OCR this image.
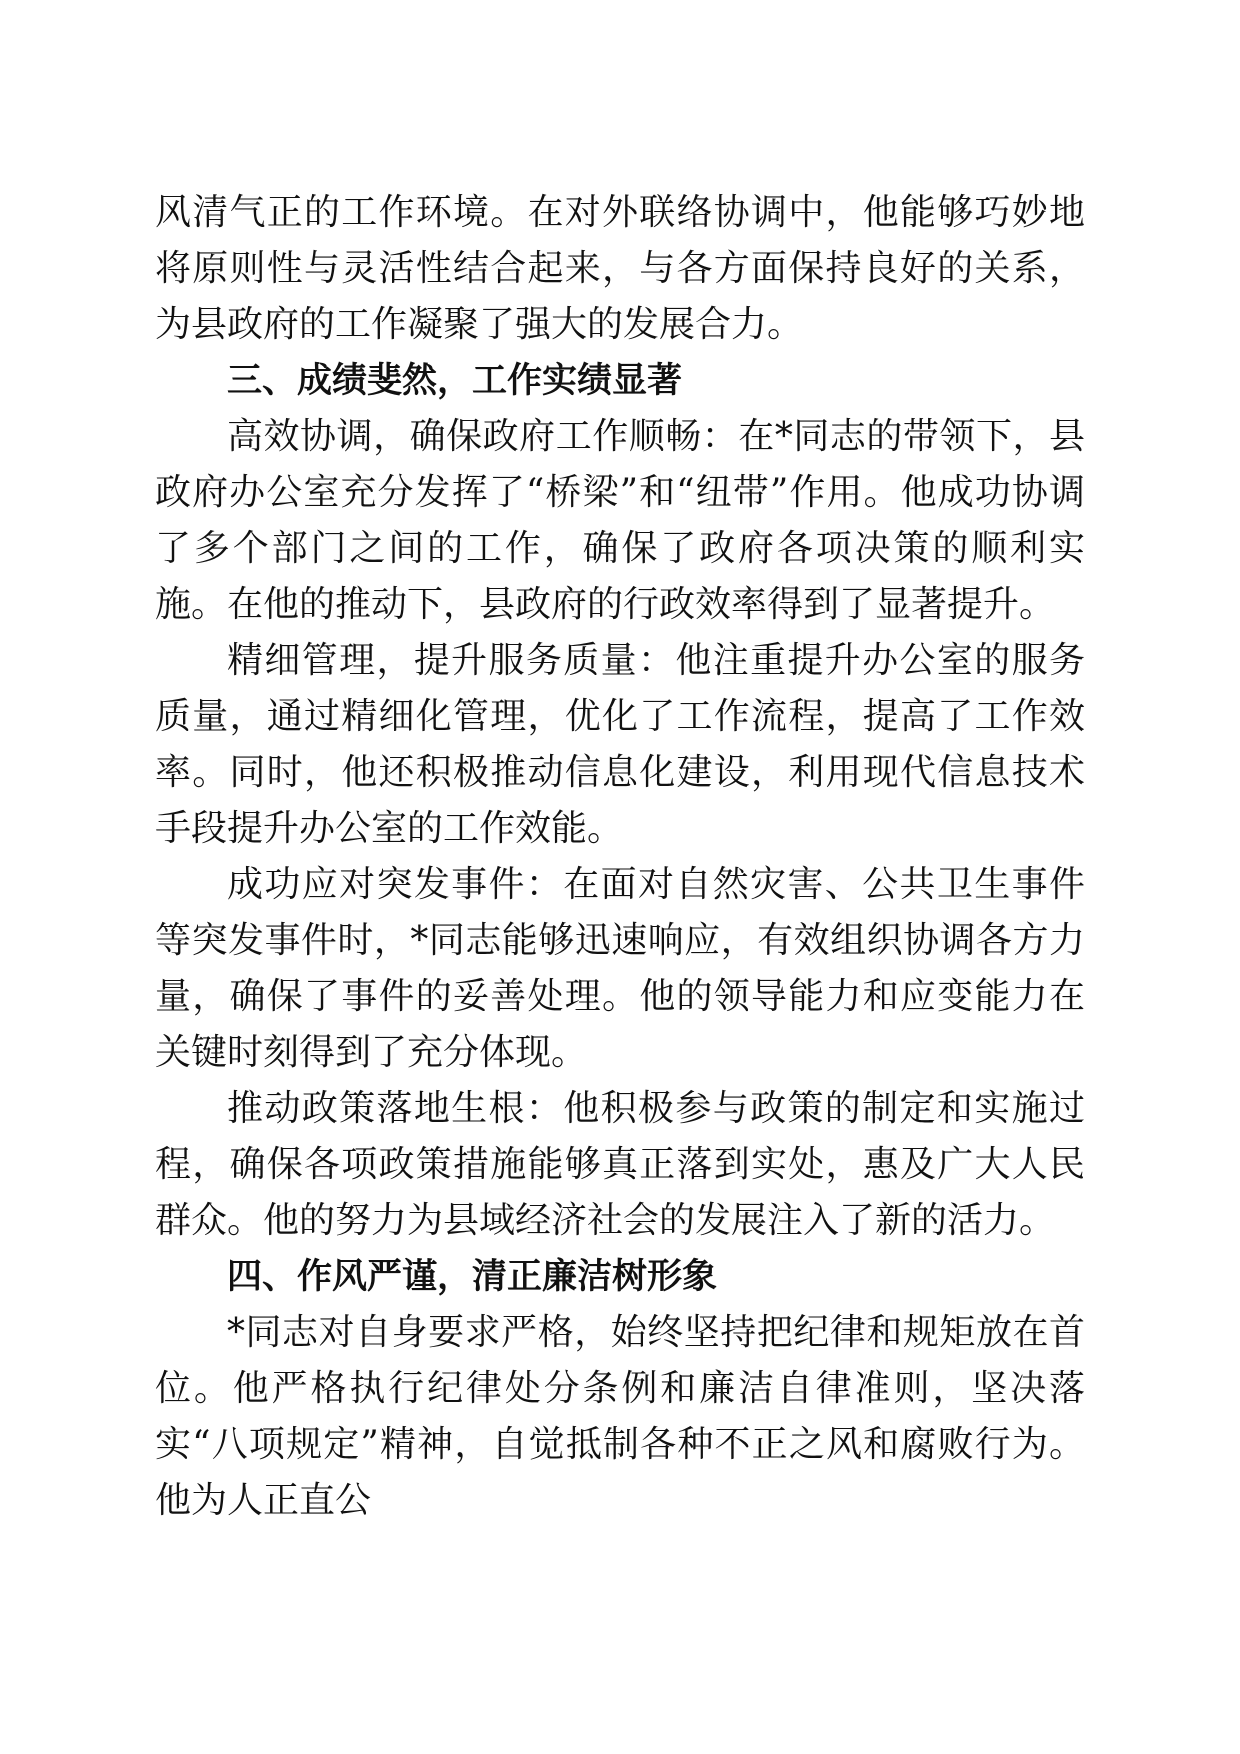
风清气正的工作环境。在对外联络协调中，他能够巧妙地将原则性与灵活性结合起来，与各方面保持良好的关系，为县政府的工作凝聚了强大的发展合力。

三、成绩斐然，工作实绩显著

高效协调，确保政府工作顺畅：在*同志的带领下，县政府办公室充分发挥了“桥梁”和“纽带”作用。他成功协调了多个部门之间的工作，确保了政府各项决策的顺利实施。在他的推动下，县政府的行政效率得到了显著提升。

精细管理，提升服务质量：他注重提升办公室的服务质量，通过精细化管理，优化了工作流程，提高了工作效率。同时，他还积极推动信息化建设，利用现代信息技术手段提升办公室的工作效能。

成功应对突发事件：在面对自然灾害、公共卫生事件等突发事件时，*同志能够迅速响应，有效组织协调各方力量，确保了事件的妥善处理。他的领导能力和应变能力在关键时刻得到了充分体现。

推动政策落地生根：他积极参与政策的制定和实施过程，确保各项政策措施能够真正落到实处，惠及广大人民群众。他的努力为县域经济社会的发展注入了新的活力。

四、作风严谨，清正廉洁树形象

*同志对自身要求严格，始终坚持把纪律和规矩放在首位。他严格执行纪律处分条例和廉洁自律准则，坚决落实“八项规定”精神，自觉抵制各种不正之风和腐败行为。他为人正直公
